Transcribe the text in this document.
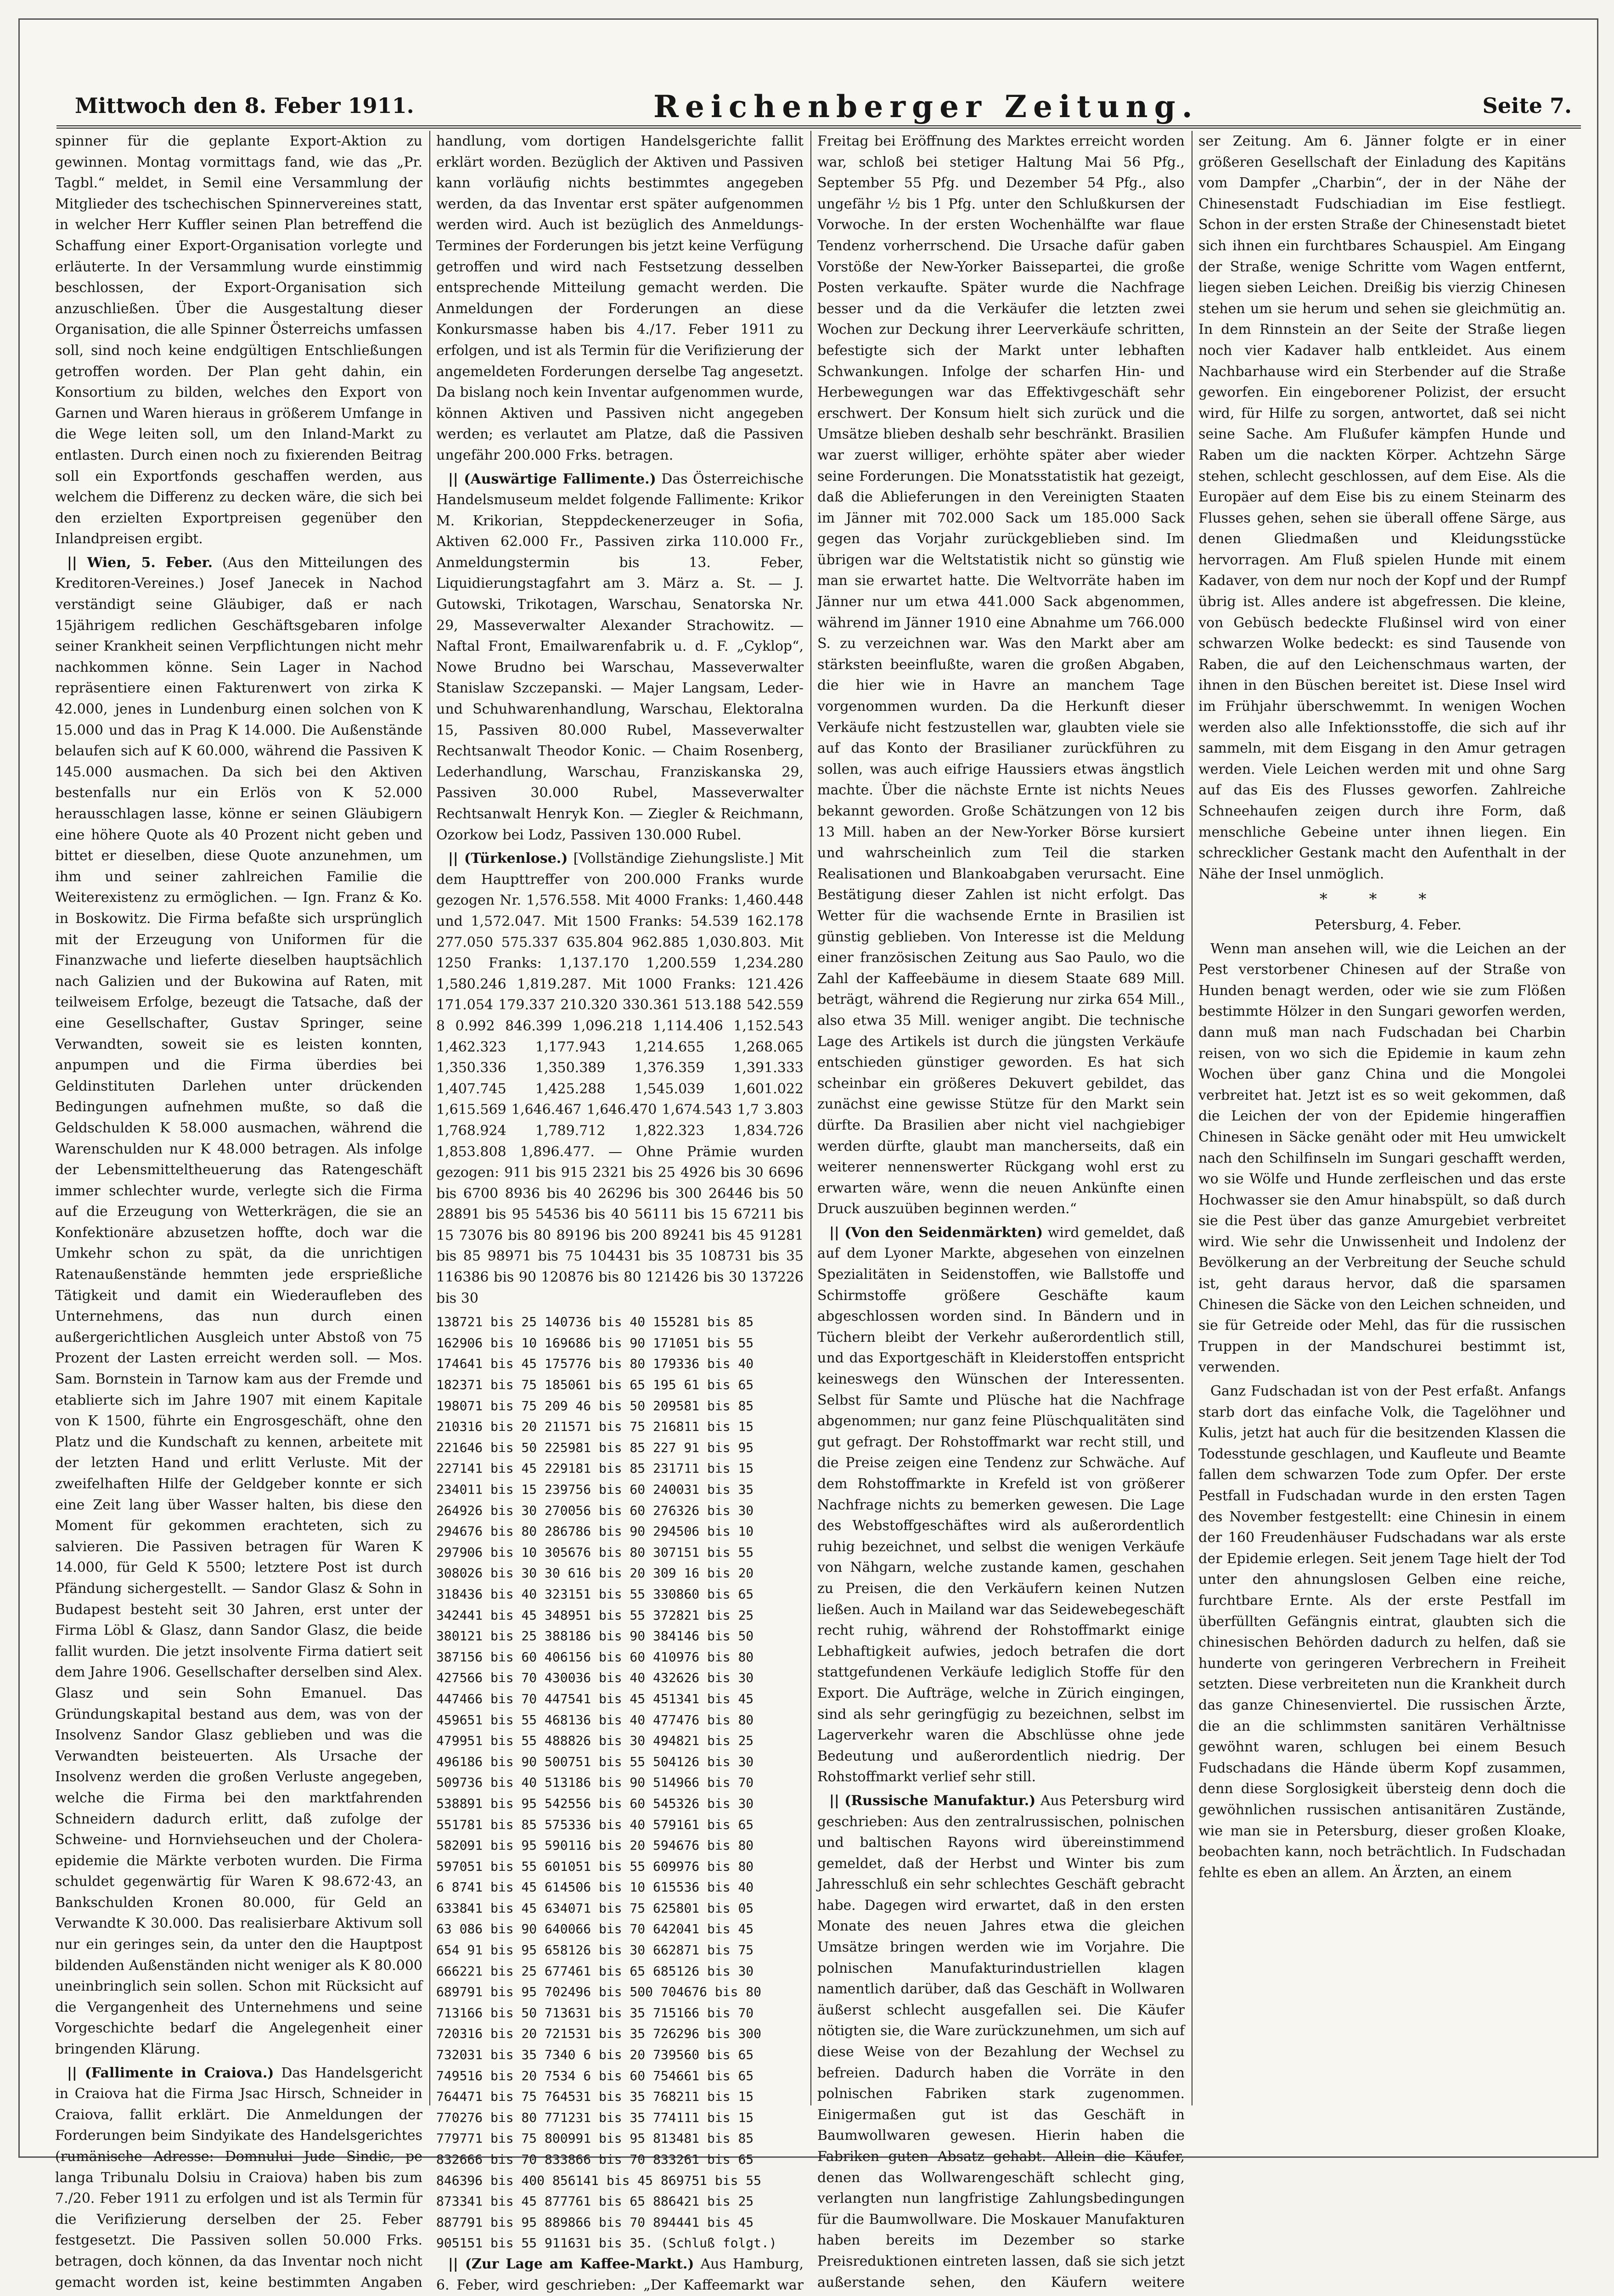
Mittwoch den 8. Feber 1911.	Reichenberger Zeitung.	Seite 7.

spinner für die geplante Export-Aktion zu gewinnen. Montag vormittags fand, wie das „Pr. Tagbl.“ meldet, in Semil eine Versammlung der Mitglieder des tschechischen Spinnervereines statt, in welcher Herr Kuffler seinen Plan betreffend die Schaffung einer Export-Organisation vorlegte und erläuterte. In der Versammlung wurde einstimmig beschlossen, der Export-Organisation sich anzuschließen. Über die Ausgestaltung dieser Organisation, die alle Spinner Österreichs umfassen soll, sind noch keine endgültigen Entschließungen getroffen worden. Der Plan geht dahin, ein Konsortium zu bilden, welches den Export von Garnen und Waren hieraus in größerem Umfange in die Wege leiten soll, um den Inland-Markt zu entlasten. Durch einen noch zu fixierenden Beitrag soll ein Exportfonds geschaffen werden, aus welchem die Differenz zu decken wäre, die sich bei den erzielten Exportpreisen gegenüber den Inlandpreisen ergibt.

|| Wien, 5. Feber. (Aus den Mitteilungen des Kreditoren-Vereines.) Josef Janecek in Nachod verständigt seine Gläubiger, daß er nach 15jährigem redlichen Geschäftsgebaren infolge seiner Krankheit seinen Verpflichtungen nicht mehr nachkommen könne. Sein Lager in Nachod repräsentiere einen Fakturenwert von zirka K 42.000, jenes in Lundenburg einen solchen von K 15.000 und das in Prag K 14.000. Die Außenstände belaufen sich auf K 60.000, während die Passiven K 145.000 ausmachen. Da sich bei den Aktiven bestenfalls nur ein Erlös von K 52.000 herausschlagen lasse, könne er seinen Gläubigern eine höhere Quote als 40 Prozent nicht geben und bittet er dieselben, diese Quote anzunehmen, um ihm und seiner zahlreichen Familie die Weiterexistenz zu ermöglichen. — Ign. Franz & Ko. in Boskowitz. Die Firma befaßte sich ursprünglich mit der Erzeugung von Uniformen für die Finanzwache und lieferte dieselben hauptsächlich nach Galizien und der Bukowina auf Raten, mit teilweisem Erfolge, bezeugt die Tatsache, daß der eine Gesellschafter, Gustav Springer, seine Verwandten, soweit sie es leisten konnten, anpumpen und die Firma überdies bei Geldinstituten Darlehen unter drückenden Bedingungen aufnehmen mußte, so daß die Geldschulden K 58.000 ausmachen, während die Warenschulden nur K 48.000 betragen. Als infolge der Lebensmitteltheuerung das Ratengeschäft immer schlechter wurde, verlegte sich die Firma auf die Erzeugung von Wetterkrägen, die sie an Konfektionäre abzusetzen hoffte, doch war die Umkehr schon zu spät, da die unrichtigen Ratenaußenstände hemmten jede ersprießliche Tätigkeit und damit ein Wiederaufleben des Unternehmens, das nun durch einen außergerichtlichen Ausgleich unter Abstoß von 75 Prozent der Lasten erreicht werden soll. — Mos. Sam. Bornstein in Tarnow kam aus der Fremde und etablierte sich im Jahre 1907 mit einem Kapitale von K 1500, führte ein Engrosgeschäft, ohne den Platz und die Kundschaft zu kennen, arbeitete mit der letzten Hand und erlitt Verluste. Mit der zweifelhaften Hilfe der Geldgeber konnte er sich eine Zeit lang über Wasser halten, bis diese den Moment für gekommen erachteten, sich zu salvieren. Die Passiven betragen für Waren K 14.000, für Geld K 5500; letztere Post ist durch Pfändung sichergestellt. — Sandor Glasz & Sohn in Budapest besteht seit 30 Jahren, erst unter der Firma Löbl & Glasz, dann Sandor Glasz, die beide fallit wurden. Die jetzt insolvente Firma datiert seit dem Jahre 1906. Gesellschafter derselben sind Alex. Glasz und sein Sohn Emanuel. Das Gründungskapital bestand aus dem, was von der Insolvenz Sandor Glasz geblieben und was die Verwandten beisteuerten. Als Ursache der Insolvenz werden die großen Verluste angegeben, welche die Firma bei den marktfahrenden Schneidern dadurch erlitt, daß zufolge der Schweine- und Hornviehseuchen und der Cholera-epidemie die Märkte verboten wurden. Die Firma schuldet gegenwärtig für Waren K 98.672·43, an Bankschulden Kronen 80.000, für Geld an Verwandte K 30.000. Das realisierbare Aktivum soll nur ein geringes sein, da unter den die Hauptpost bildenden Außenständen nicht weniger als K 80.000 uneinbringlich sein sollen. Schon mit Rücksicht auf die Vergangenheit des Unternehmens und seine Vorgeschichte bedarf die Angelegenheit einer bringenden Klärung.

|| (Fallimente in Craiova.) Das Handelsgericht in Craiova hat die Firma Jsac Hirsch, Schneider in Craiova, fallit erklärt. Die Anmeldungen der Forderungen beim Sindyikate des Handelsgerichtes (rumänische Adresse: Domnului Jude Sindic, pe langa Tribunalu Dolsiu in Craiova) haben bis zum 7./20. Feber 1911 zu erfolgen und ist als Termin für die Verifizierung derselben der 25. Feber festgesetzt. Die Passiven sollen 50.000 Frks. betragen, doch können, da das Inventar noch nicht gemacht worden ist, keine bestimmten Angaben

handlung, vom dortigen Handelsgerichte fallit erklärt worden. Bezüglich der Aktiven und Passiven kann vorläufig nichts bestimmtes angegeben werden, da das Inventar erst später aufgenommen werden wird. Auch ist bezüglich des Anmeldungs-Termines der Forderungen bis jetzt keine Verfügung getroffen und wird nach Festsetzung desselben entsprechende Mitteilung gemacht werden. Die Anmeldungen der Forderungen an diese Konkursmasse haben bis 4./17. Feber 1911 zu erfolgen, und ist als Termin für die Verifizierung der angemeldeten Forderungen derselbe Tag angesetzt. Da bislang noch kein Inventar aufgenommen wurde, können Aktiven und Passiven nicht angegeben werden; es verlautet am Platze, daß die Passiven ungefähr 200.000 Frks. betragen.

|| (Auswärtige Fallimente.) Das Österreichische Handelsmuseum meldet folgende Fallimente: Krikor M. Krikorian, Steppdeckenerzeuger in Sofia, Aktiven 62.000 Fr., Passiven zirka 110.000 Fr., Anmeldungstermin bis 13. Feber, Liquidierungstagfahrt am 3. März a. St. — J. Gutowski, Trikotagen, Warschau, Senatorska Nr. 29, Masseverwalter Alexander Strachowitz. — Naftal Front, Emailwarenfabrik u. d. F. „Cyklop“, Nowe Brudno bei Warschau, Masseverwalter Stanislaw Szczepanski. — Majer Langsam, Leder- und Schuhwarenhandlung, Warschau, Elektoralna 15, Passiven 80.000 Rubel, Masseverwalter Rechtsanwalt Theodor Konic. — Chaim Rosenberg, Lederhandlung, Warschau, Franziskanska 29, Passiven 30.000 Rubel, Masseverwalter Rechtsanwalt Henryk Kon. — Ziegler & Reichmann, Ozorkow bei Lodz, Passiven 130.000 Rubel.

|| (Türkenlose.) [Vollständige Ziehungsliste.] Mit dem Haupttreffer von 200.000 Franks wurde gezogen Nr. 1,576.558. Mit 4000 Franks: 1,460.448 und 1,572.047. Mit 1500 Franks: 54.539 162.178 277.050 575.337 635.804 962.885 1,030.803. Mit 1250 Franks: 1,137.170 1,200.559 1,234.280 1,580.246 1,819.287. Mit 1000 Franks: 121.426 171.054 179.337 210.320 330.361 513.188 542.559 8 0.992 846.399 1,096.218 1,114.406 1,152.543 1,462.323 1,177.943 1,214.655 1,268.065 1,350.336 1,350.389 1,376.359 1,391.333 1,407.745 1,425.288 1,545.039 1,601.022 1,615.569 1,646.467 1,646.470 1,674.543 1,7 3.803 1,768.924 1,789.712 1,822.323 1,834.726 1,853.808 1,896.477. — Ohne Prämie wurden gezogen: 911 bis 915 2321 bis 25 4926 bis 30 6696 bis 6700 8936 bis 40 26296 bis 300 26446 bis 50 28891 bis 95 54536 bis 40 56111 bis 15 67211 bis 15 73076 bis 80 89196 bis 200 89241 bis 45 91281 bis 85 98971 bis 75 104431 bis 35 108731 bis 35 116386 bis 90 120876 bis 80 121426 bis 30 137226 bis 30

138721 bis 25 140736 bis 40 155281 bis 85
162906 bis 10 169686 bis 90 171051 bis 55
174641 bis 45 175776 bis 80 179336 bis 40
182371 bis 75 185061 bis 65 195 61 bis 65
198071 bis 75 209 46 bis 50 209581 bis 85
210316 bis 20 211571 bis 75 216811 bis 15
221646 bis 50 225981 bis 85 227 91 bis 95
227141 bis 45 229181 bis 85 231711 bis 15
234011 bis 15 239756 bis 60 240031 bis 35
264926 bis 30 270056 bis 60 276326 bis 30
294676 bis 80 286786 bis 90 294506 bis 10
297906 bis 10 305676 bis 80 307151 bis 55
308026 bis 30 30 616 bis 20 309 16 bis 20
318436 bis 40 323151 bis 55 330860 bis 65
342441 bis 45 348951 bis 55 372821 bis 25
380121 bis 25 388186 bis 90 384146 bis 50
387156 bis 60 406156 bis 60 410976 bis 80
427566 bis 70 430036 bis 40 432626 bis 30
447466 bis 70 447541 bis 45 451341 bis 45
459651 bis 55 468136 bis 40 477476 bis 80
479951 bis 55 488826 bis 30 494821 bis 25
496186 bis 90 500751 bis 55 504126 bis 30
509736 bis 40 513186 bis 90 514966 bis 70
538891 bis 95 542556 bis 60 545326 bis 30
551781 bis 85 575336 bis 40 579161 bis 65
582091 bis 95 590116 bis 20 594676 bis 80
597051 bis 55 601051 bis 55 609976 bis 80
6 8741 bis 45 614506 bis 10 615536 bis 40
633841 bis 45 634071 bis 75 625801 bis 05
63 086 bis 90 640066 bis 70 642041 bis 45
654 91 bis 95 658126 bis 30 662871 bis 75
666221 bis 25 677461 bis 65 685126 bis 30
689791 bis 95 702496 bis 500 704676 bis 80
713166 bis 50 713631 bis 35 715166 bis 70
720316 bis 20 721531 bis 35 726296 bis 300
732031 bis 35 7340 6 bis 20 739560 bis 65
749516 bis 20 7534 6 bis 60 754661 bis 65
764471 bis 75 764531 bis 35 768211 bis 15
770276 bis 80 771231 bis 35 774111 bis 15
779771 bis 75 800991 bis 95 813481 bis 85
832666 bis 70 833866 bis 70 833261 bis 65
846396 bis 400 856141 bis 45 869751 bis 55
873341 bis 45 877761 bis 65 886421 bis 25
887791 bis 95 889866 bis 70 894441 bis 45
905151 bis 55 911631 bis 35. (Schluß folgt.)

|| (Zur Lage am Kaffee-Markt.) Aus Hamburg, 6. Feber, wird geschrieben: „Der Kaffeemarkt war

Freitag bei Eröffnung des Marktes erreicht worden war, schloß bei stetiger Haltung Mai 56 Pfg., September 55 Pfg. und Dezember 54 Pfg., also ungefähr ½ bis 1 Pfg. unter den Schlußkursen der Vorwoche. In der ersten Wochenhälfte war flaue Tendenz vorherrschend. Die Ursache dafür gaben Vorstöße der New-Yorker Baissepartei, die große Posten verkaufte. Später wurde die Nachfrage besser und da die Verkäufer die letzten zwei Wochen zur Deckung ihrer Leerverkäufe schritten, befestigte sich der Markt unter lebhaften Schwankungen. Infolge der scharfen Hin- und Herbewegungen war das Effektivgeschäft sehr erschwert. Der Konsum hielt sich zurück und die Umsätze blieben deshalb sehr beschränkt. Brasilien war zuerst williger, erhöhte später aber wieder seine Forderungen. Die Monatsstatistik hat gezeigt, daß die Ablieferungen in den Vereinigten Staaten im Jänner mit 702.000 Sack um 185.000 Sack gegen das Vorjahr zurückgeblieben sind. Im übrigen war die Weltstatistik nicht so günstig wie man sie erwartet hatte. Die Weltvorräte haben im Jänner nur um etwa 441.000 Sack abgenommen, während im Jänner 1910 eine Abnahme um 766.000 S. zu verzeichnen war. Was den Markt aber am stärksten beeinflußte, waren die großen Abgaben, die hier wie in Havre an manchem Tage vorgenommen wurden. Da die Herkunft dieser Verkäufe nicht festzustellen war, glaubten viele sie auf das Konto der Brasilianer zurückführen zu sollen, was auch eifrige Haussiers etwas ängstlich machte. Über die nächste Ernte ist nichts Neues bekannt geworden. Große Schätzungen von 12 bis 13 Mill. haben an der New-Yorker Börse kursiert und wahrscheinlich zum Teil die starken Realisationen und Blankoabgaben verursacht. Eine Bestätigung dieser Zahlen ist nicht erfolgt. Das Wetter für die wachsende Ernte in Brasilien ist günstig geblieben. Von Interesse ist die Meldung einer französischen Zeitung aus Sao Paulo, wo die Zahl der Kaffeebäume in diesem Staate 689 Mill. beträgt, während die Regierung nur zirka 654 Mill., also etwa 35 Mill. weniger angibt. Die technische Lage des Artikels ist durch die jüngsten Verkäufe entschieden günstiger geworden. Es hat sich scheinbar ein größeres Dekuvert gebildet, das zunächst eine gewisse Stütze für den Markt sein dürfte. Da Brasilien aber nicht viel nachgiebiger werden dürfte, glaubt man mancherseits, daß ein weiterer nennenswerter Rückgang wohl erst zu erwarten wäre, wenn die neuen Ankünfte einen Druck auszuüben beginnen werden.“

|| (Von den Seidenmärkten) wird gemeldet, daß auf dem Lyoner Markte, abgesehen von einzelnen Spezialitäten in Seidenstoffen, wie Ballstoffe und Schirmstoffe größere Geschäfte kaum abgeschlossen worden sind. In Bändern und in Tüchern bleibt der Verkehr außerordentlich still, und das Exportgeschäft in Kleiderstoffen entspricht keineswegs den Wünschen der Interessenten. Selbst für Samte und Plüsche hat die Nachfrage abgenommen; nur ganz feine Plüschqualitäten sind gut gefragt. Der Rohstoffmarkt war recht still, und die Preise zeigen eine Tendenz zur Schwäche. Auf dem Rohstoffmarkte in Krefeld ist von größerer Nachfrage nichts zu bemerken gewesen. Die Lage des Webstoffgeschäftes wird als außerordentlich ruhig bezeichnet, und selbst die wenigen Verkäufe von Nähgarn, welche zustande kamen, geschahen zu Preisen, die den Verkäufern keinen Nutzen ließen. Auch in Mailand war das Seidewebegeschäft recht ruhig, während der Rohstoffmarkt einige Lebhaftigkeit aufwies, jedoch betrafen die dort stattgefundenen Verkäufe lediglich Stoffe für den Export. Die Aufträge, welche in Zürich eingingen, sind als sehr geringfügig zu bezeichnen, selbst im Lagerverkehr waren die Abschlüsse ohne jede Bedeutung und außerordentlich niedrig. Der Rohstoffmarkt verlief sehr still.

|| (Russische Manufaktur.) Aus Petersburg wird geschrieben: Aus den zentralrussischen, polnischen und baltischen Rayons wird übereinstimmend gemeldet, daß der Herbst und Winter bis zum Jahresschluß ein sehr schlechtes Geschäft gebracht habe. Dagegen wird erwartet, daß in den ersten Monate des neuen Jahres etwa die gleichen Umsätze bringen werden wie im Vorjahre. Die polnischen Manufakturindustriellen klagen namentlich darüber, daß das Geschäft in Wollwaren äußerst schlecht ausgefallen sei. Die Käufer nötigten sie, die Ware zurückzunehmen, um sich auf diese Weise von der Bezahlung der Wechsel zu befreien. Dadurch haben die Vorräte in den polnischen Fabriken stark zugenommen. Einigermaßen gut ist das Geschäft in Baumwollwaren gewesen. Hierin haben die Fabriken guten Absatz gehabt. Allein die Käufer, denen das Wollwarengeschäft schlecht ging, verlangten nun langfristige Zahlungsbedingungen für die Baumwollware. Die Moskauer Manufakturen haben bereits im Dezember so starke Preisreduktionen eintreten lassen, daß sie sich jetzt außerstande sehen, den Käufern weitere

ser Zeitung. Am 6. Jänner folgte er in einer größeren Gesellschaft der Einladung des Kapitäns vom Dampfer „Charbin“, der in der Nähe der Chinesenstadt Fudschiadian im Eise festliegt. Schon in der ersten Straße der Chinesenstadt bietet sich ihnen ein furchtbares Schauspiel. Am Eingang der Straße, wenige Schritte vom Wagen entfernt, liegen sieben Leichen. Dreißig bis vierzig Chinesen stehen um sie herum und sehen sie gleichmütig an. In dem Rinnstein an der Seite der Straße liegen noch vier Kadaver halb entkleidet. Aus einem Nachbarhause wird ein Sterbender auf die Straße geworfen. Ein eingeborener Polizist, der ersucht wird, für Hilfe zu sorgen, antwortet, daß sei nicht seine Sache. Am Flußufer kämpfen Hunde und Raben um die nackten Körper. Achtzehn Särge stehen, schlecht geschlossen, auf dem Eise. Als die Europäer auf dem Eise bis zu einem Steinarm des Flusses gehen, sehen sie überall offene Särge, aus denen Gliedmaßen und Kleidungsstücke hervorragen. Am Fluß spielen Hunde mit einem Kadaver, von dem nur noch der Kopf und der Rumpf übrig ist. Alles andere ist abgefressen. Die kleine, von Gebüsch bedeckte Flußinsel wird von einer schwarzen Wolke bedeckt: es sind Tausende von Raben, die auf den Leichenschmaus warten, der ihnen in den Büschen bereitet ist. Diese Insel wird im Frühjahr überschwemmt. In wenigen Wochen werden also alle Infektionsstoffe, die sich auf ihr sammeln, mit dem Eisgang in den Amur getragen werden. Viele Leichen werden mit und ohne Sarg auf das Eis des Flusses geworfen. Zahlreiche Schneehaufen zeigen durch ihre Form, daß menschliche Gebeine unter ihnen liegen. Ein schrecklicher Gestank macht den Aufenthalt in der Nähe der Insel unmöglich.

* * *

Petersburg, 4. Feber.

Wenn man ansehen will, wie die Leichen an der Pest verstorbener Chinesen auf der Straße von Hunden benagt werden, oder wie sie zum Flößen bestimmte Hölzer in den Sungari geworfen werden, dann muß man nach Fudschadan bei Charbin reisen, von wo sich die Epidemie in kaum zehn Wochen über ganz China und die Mongolei verbreitet hat. Jetzt ist es so weit gekommen, daß die Leichen der von der Epidemie hingeraffien Chinesen in Säcke genäht oder mit Heu umwickelt nach den Schilfinseln im Sungari geschafft werden, wo sie Wölfe und Hunde zerfleischen und das erste Hochwasser sie den Amur hinabspült, so daß durch sie die Pest über das ganze Amurgebiet verbreitet wird. Wie sehr die Unwissenheit und Indolenz der Bevölkerung an der Verbreitung der Seuche schuld ist, geht daraus hervor, daß die sparsamen Chinesen die Säcke von den Leichen schneiden, und sie für Getreide oder Mehl, das für die russischen Truppen in der Mandschurei bestimmt ist, verwenden.

Ganz Fudschadan ist von der Pest erfaßt. Anfangs starb dort das einfache Volk, die Tagelöhner und Kulis, jetzt hat auch für die besitzenden Klassen die Todesstunde geschlagen, und Kaufleute und Beamte fallen dem schwarzen Tode zum Opfer. Der erste Pestfall in Fudschadan wurde in den ersten Tagen des November festgestellt: eine Chinesin in einem der 160 Freudenhäuser Fudschadans war als erste der Epidemie erlegen. Seit jenem Tage hielt der Tod unter den ahnungslosen Gelben eine reiche, furchtbare Ernte. Als der erste Pestfall im überfüllten Gefängnis eintrat, glaubten sich die chinesischen Behörden dadurch zu helfen, daß sie hunderte von geringeren Verbrechern in Freiheit setzten. Diese verbreiteten nun die Krankheit durch das ganze Chinesenviertel. Die russischen Ärzte, die an die schlimmsten sanitären Verhältnisse gewöhnt waren, schlugen bei einem Besuch Fudschadans die Hände überm Kopf zusammen, denn diese Sorglosigkeit übersteig denn doch die gewöhnlichen russischen antisanitären Zustände, wie man sie in Petersburg, dieser großen Kloake, beobachten kann, noch beträchtlich. In Fudschadan fehlte es eben an allem. An Ärzten, an einem
